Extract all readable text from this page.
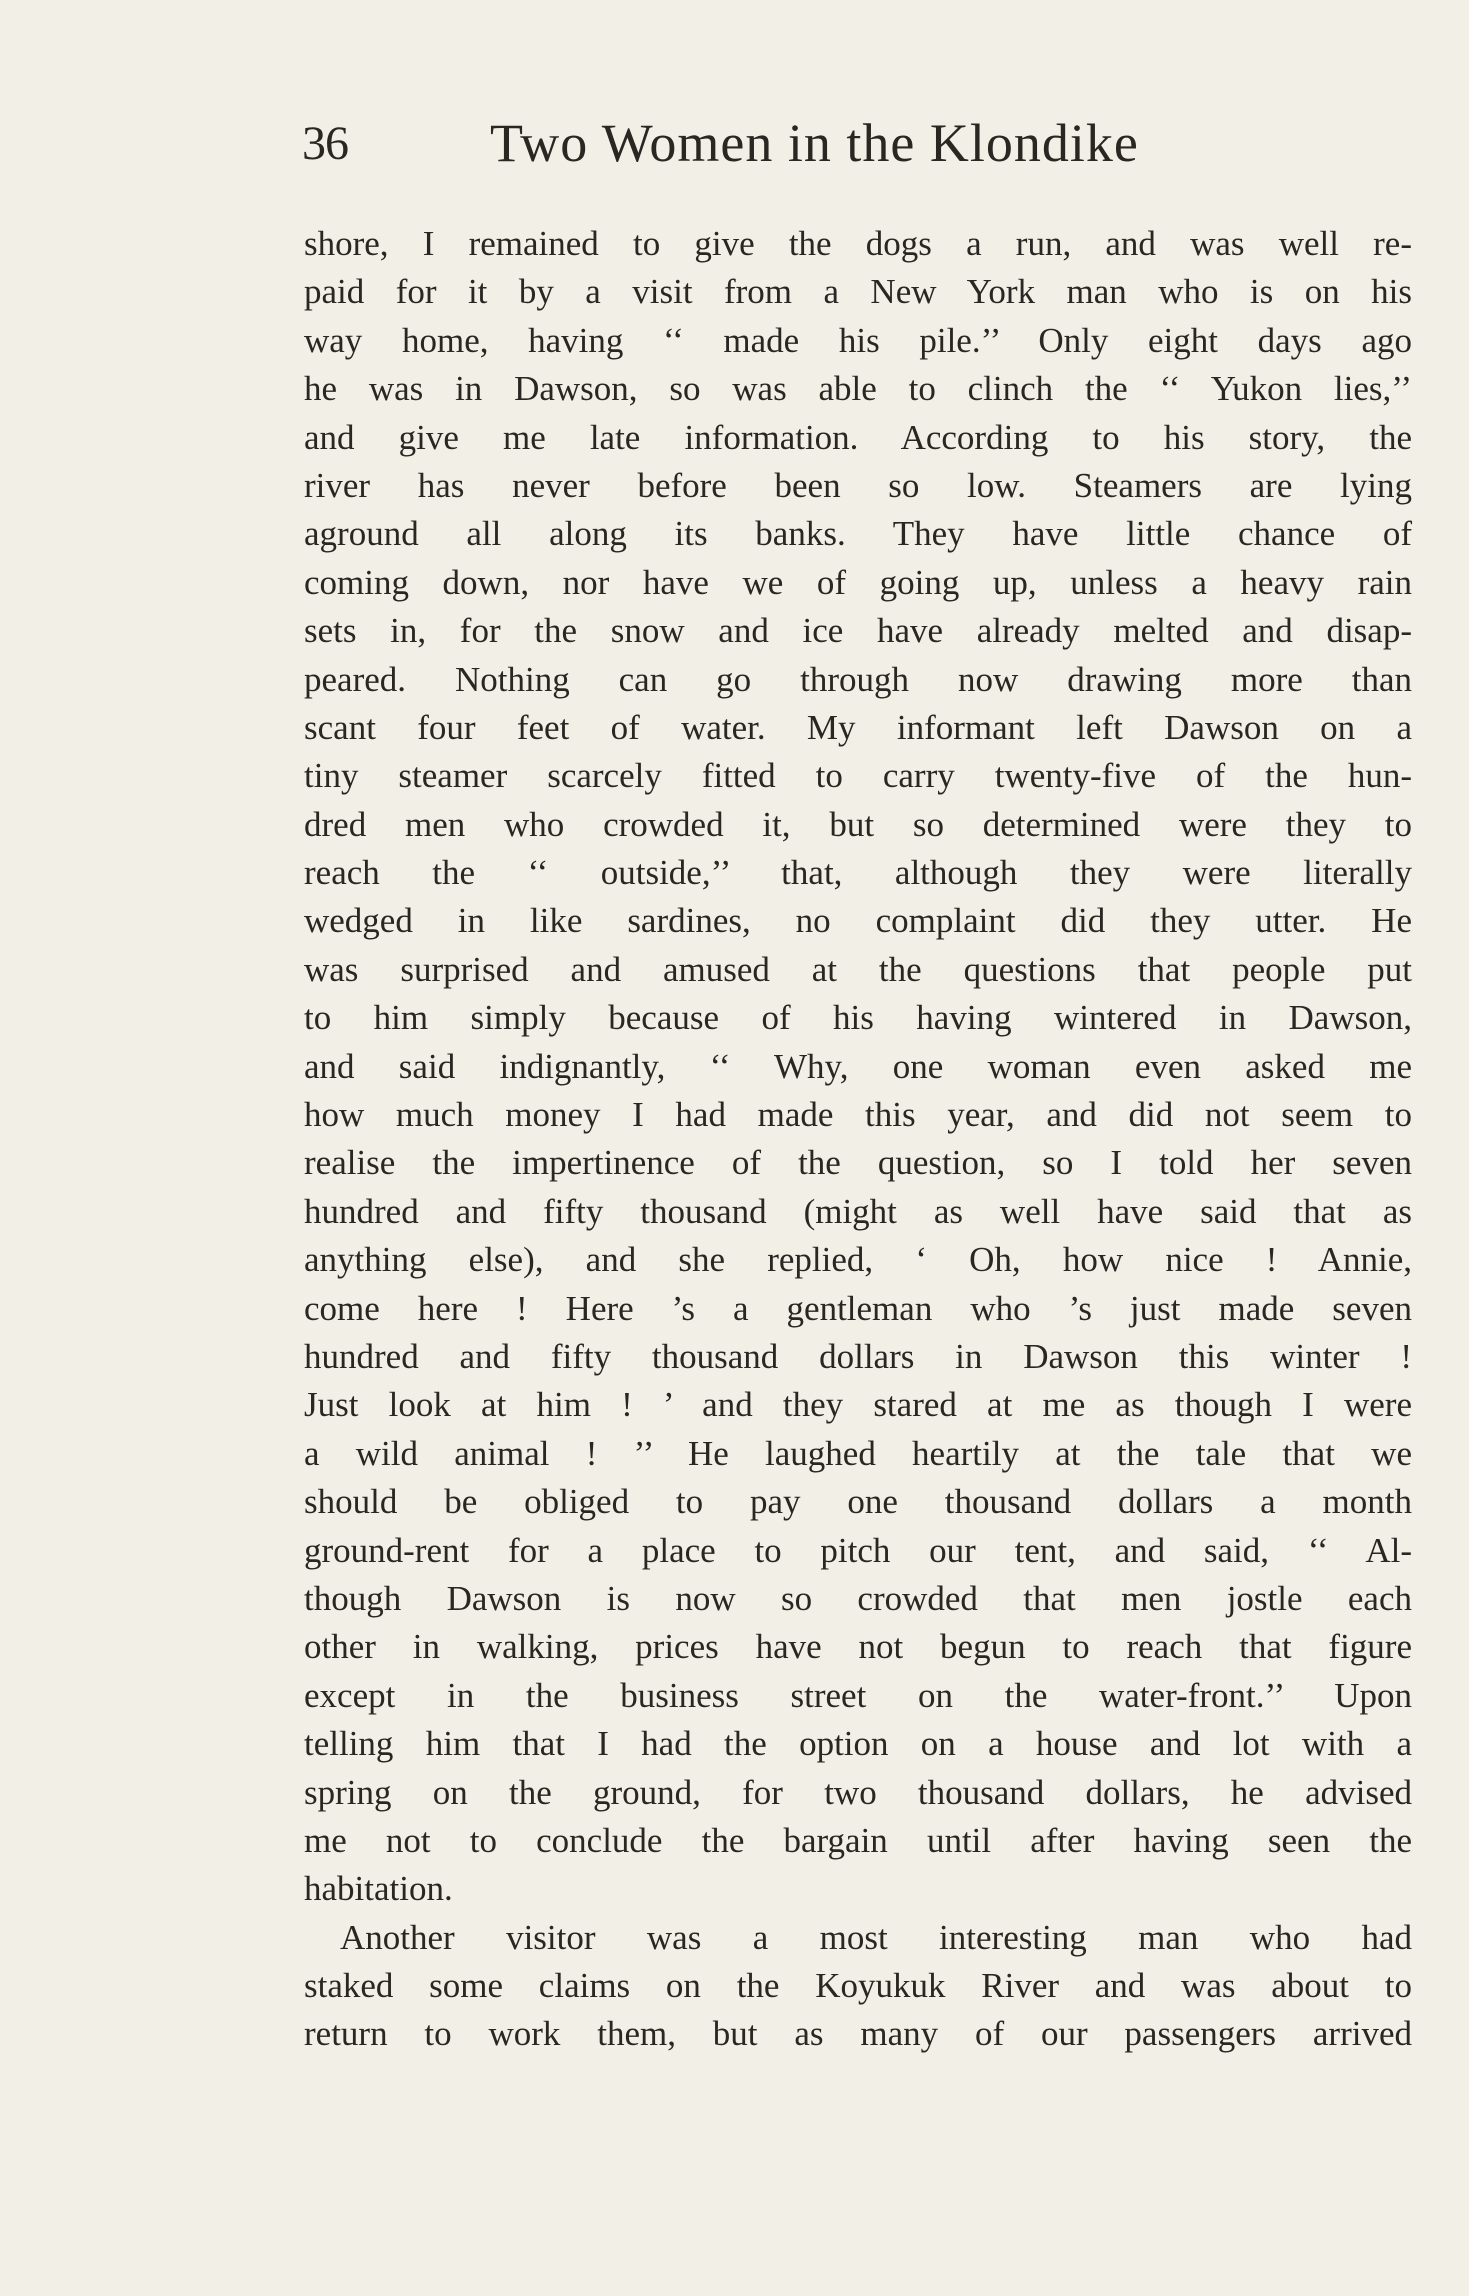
36	Two Women in the Klondike
shore, I remained to give the dogs a run, and was well re-
paid for it by a visit from a New York man who is on his
way home, having ‘‘ made his pile.’’ Only eight days ago
he was in Dawson, so was able to clinch the ‘‘ Yukon lies,’’
and give me late information. According to his story, the
river has never before been so low. Steamers are lying
aground all along its banks. They have little chance of
coming down, nor have we of going up, unless a heavy rain
sets in, for the snow and ice have already melted and disap-
peared. Nothing can go through now drawing more than
scant four feet of water. My informant left Dawson on a
tiny steamer scarcely fitted to carry twenty-five of the hun-
dred men who crowded it, but so determined were they to
reach the ‘‘ outside,’’ that, although they were literally
wedged in like sardines, no complaint did they utter. He
was surprised and amused at the questions that people put
to him simply because of his having wintered in Dawson,
and said indignantly, ‘‘ Why, one woman even asked me
how much money I had made this year, and did not seem to
realise the impertinence of the question, so I told her seven
hundred and fifty thousand (might as well have said that as
anything else), and she replied, ‘ Oh, how nice ! Annie,
come here ! Here ’s a gentleman who ’s just made seven
hundred and fifty thousand dollars in Dawson this winter !
Just look at him ! ’ and they stared at me as though I were
a wild animal ! ’’ He laughed heartily at the tale that we
should be obliged to pay one thousand dollars a month
ground-rent for a place to pitch our tent, and said, ‘‘ Al-
though Dawson is now so crowded that men jostle each
other in walking, prices have not begun to reach that figure
except in the business street on the water-front.’’ Upon
telling him that I had the option on a house and lot with a
spring on the ground, for two thousand dollars, he advised
me not to conclude the bargain until after having seen the
habitation.
Another visitor was a most interesting man who had
staked some claims on the Koyukuk River and was about to
return to work them, but as many of our passengers arrived
